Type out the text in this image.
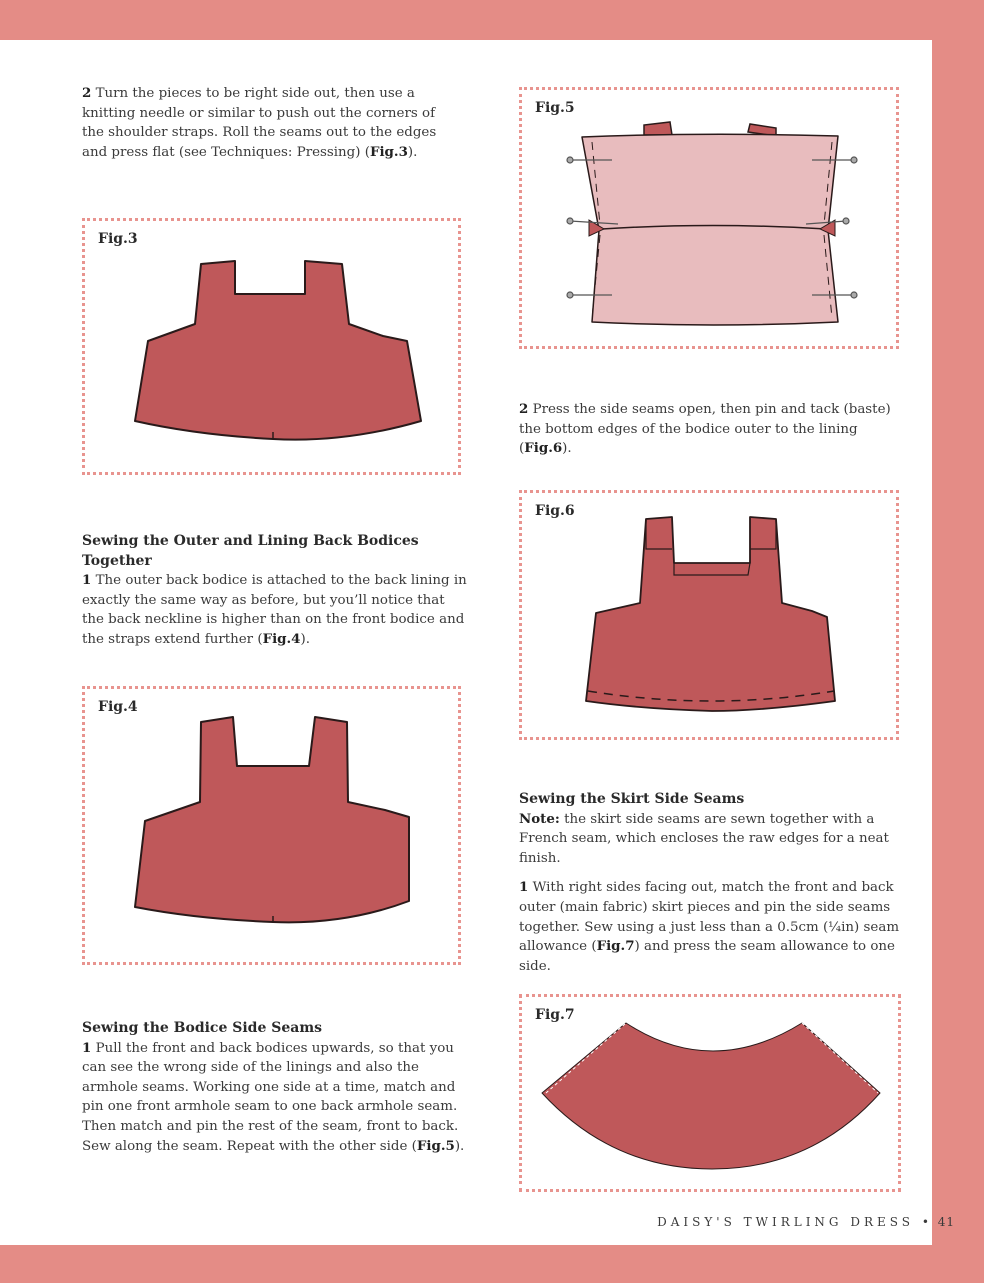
2 Turn the pieces to be right side out, then use a knitting needle or similar to push out the corners of the shoulder straps. Roll the seams out to the edges and press flat (see Techniques: Pressing) (Fig.3).
Fig.3
Sewing the Outer and Lining Back Bodices Together
1 The outer back bodice is attached to the back lining in exactly the same way as before, but you’ll notice that the back neckline is higher than on the front bodice and the straps extend further (Fig.4).
Fig.4
Sewing the Bodice Side Seams
1 Pull the front and back bodices upwards, so that you can see the wrong side of the linings and also the armhole seams. Working one side at a time, match and pin one front armhole seam to one back armhole seam. Then match and pin the rest of the seam, front to back. Sew along the seam. Repeat with the other side (Fig.5).
Fig.5
2 Press the side seams open, then pin and tack (baste) the bottom edges of the bodice outer to the lining (Fig.6).
Fig.6
Sewing the Skirt Side Seams
Note: the skirt side seams are sewn together with a French seam, which encloses the raw edges for a neat finish.
1 With right sides facing out, match the front and back outer (main fabric) skirt pieces and pin the side seams together. Sew using a just less than a 0.5cm (¼in) seam allowance (Fig.7) and press the seam allowance to one side.
Fig.7
DAISY'S TWIRLING DRESS • 41
